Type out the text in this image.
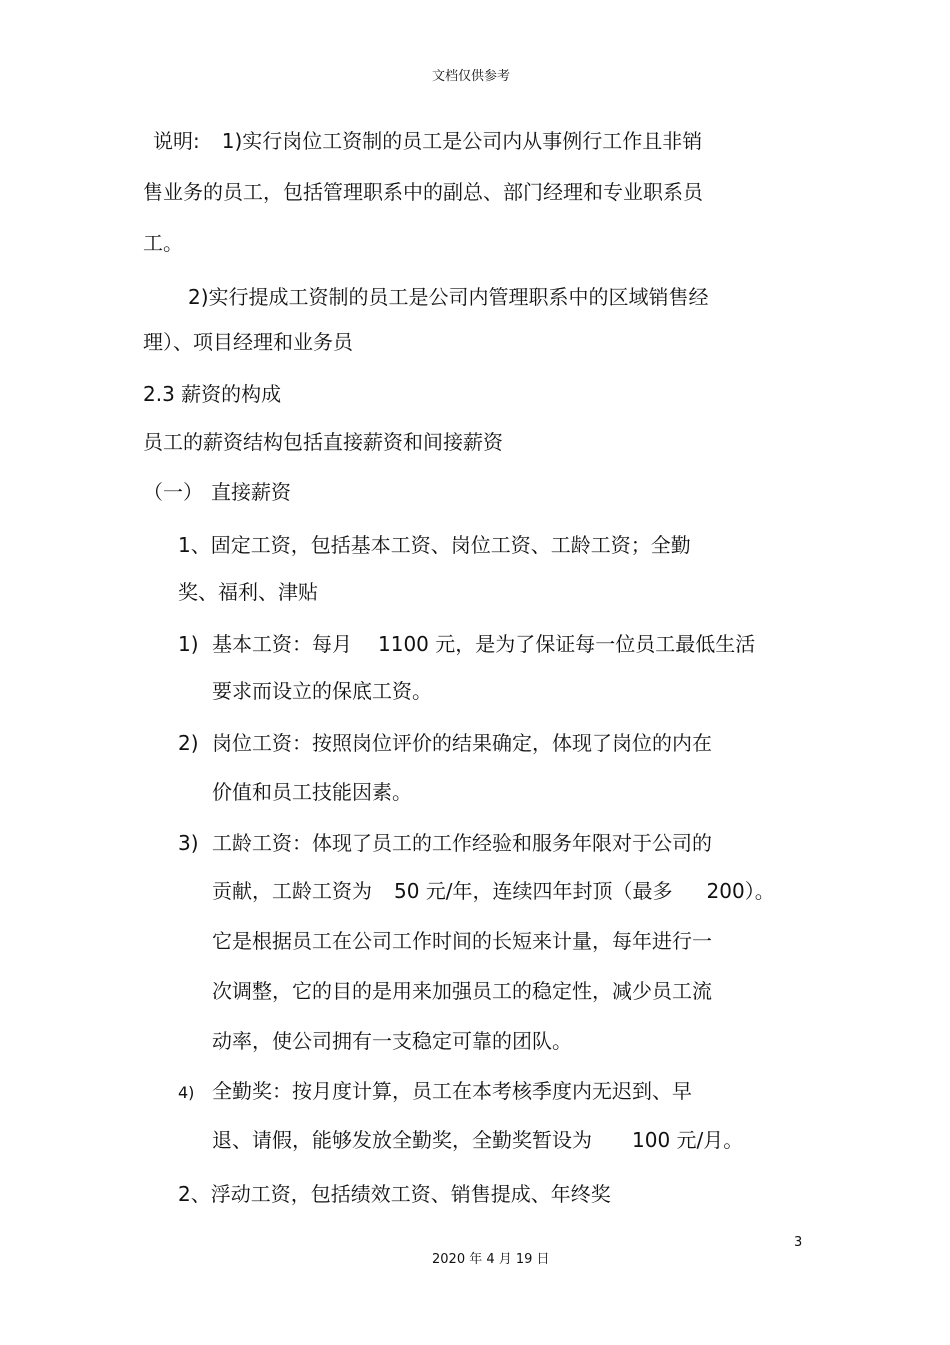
文档仅供参考
说明: 1)实行岗位工资制的员工是公司内从事例行工作且非销
售业务的员工，包括管理职系中的副总、部门经理和专业职系员
工。
2)实行提成工资制的员工是公司内管理职系中的区域销售经
理）、项目经理和业务员
2.3 薪资的构成
员工的薪资结构包括直接薪资和间接薪资
（一） 直接薪资
1、固定工资，包括基本工资、岗位工资、工龄工资；全勤
奖、福利、津贴
1) 基本工资：每月 1100 元，是为了保证每一位员工最低生活
要求而设立的保底工资。
2) 岗位工资：按照岗位评价的结果确定，体现了岗位的内在
价值和员工技能因素。
3) 工龄工资：体现了员工的工作经验和服务年限对于公司的
贡献，工龄工资为 50 元/年，连续四年封顶（最多 200）。
它是根据员工在公司工作时间的长短来计量，每年进行一
次调整，它的目的是用来加强员工的稳定性，减少员工流
动率，使公司拥有一支稳定可靠的团队。
4) 全勤奖：按月度计算，员工在本考核季度内无迟到、早
退、请假，能够发放全勤奖，全勤奖暂设为 100 元/月。
2、浮动工资，包括绩效工资、销售提成、年终奖
3
2020 年 4 月 19 日
